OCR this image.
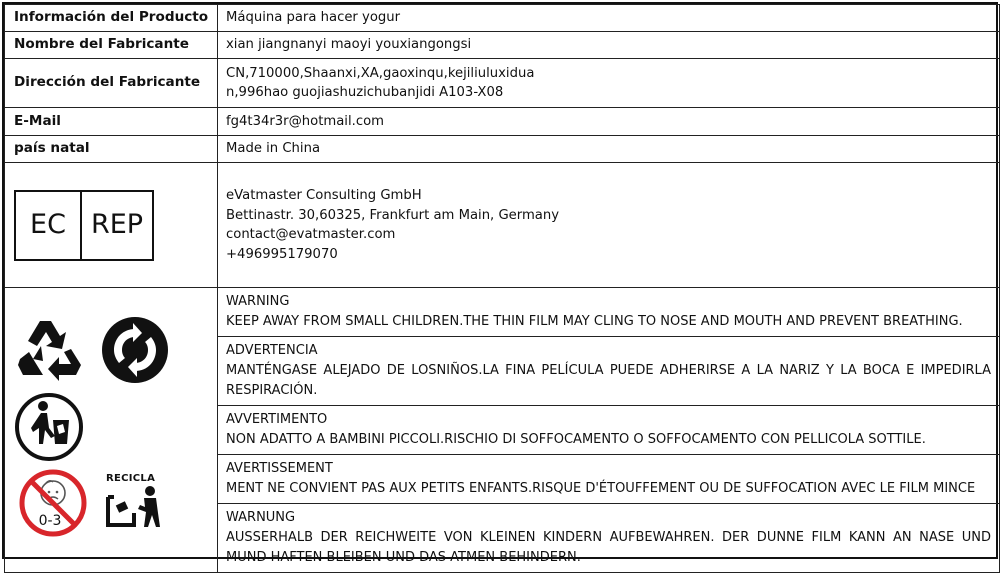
Información del Producto	Máquina para hacer yogur
Nombre del Fabricante	xian jiangnanyi maoyi youxiangongsi
Dirección del Fabricante	CN,710000,Shaanxi,XA,gaoxinqu,kejiliuluxidua
n,996hao guojiashuzichubanjidi A103-X08

E-Mail	fg4t34r3r@hotmail.com
país natal	Made in China

EC REP	eVatmaster Consulting GmbH
Bettinastr. 30,60325, Frankfurt am Main, Germany
contact@evatmaster.com
+496995179070

0-3
RECICLA	WARNING
KEEP AWAY FROM SMALL CHILDREN.THE THIN FILM MAY CLING TO NOSE AND MOUTH AND PREVENT BREATHING.

	ADVERTENCIA
MANTÉNGASE ALEJADO DE LOSNIÑOS.LA FINA PELÍCULA PUEDE ADHERIRSE A LA NARIZ Y LA BOCA E IMPEDIRLA RESPIRACIÓN.

	AVVERTIMENTO
NON ADATTO A BAMBINI PICCOLI.RISCHIO DI SOFFOCAMENTO O SOFFOCAMENTO CON PELLICOLA SOTTILE.

	AVERTISSEMENT
MENT NE CONVIENT PAS AUX PETITS ENFANTS.RISQUE D'ÉTOUFFEMENT OU DE SUFFOCATION AVEC LE FILM MINCE

	WARNUNG
AUSSERHALB DER REICHWEITE VON KLEINEN KINDERN AUFBEWAHREN. DER DUNNE FILM KANN AN NASE UND MUND HAFTEN BLEIBEN UND DAS ATMEN BEHINDERN.
